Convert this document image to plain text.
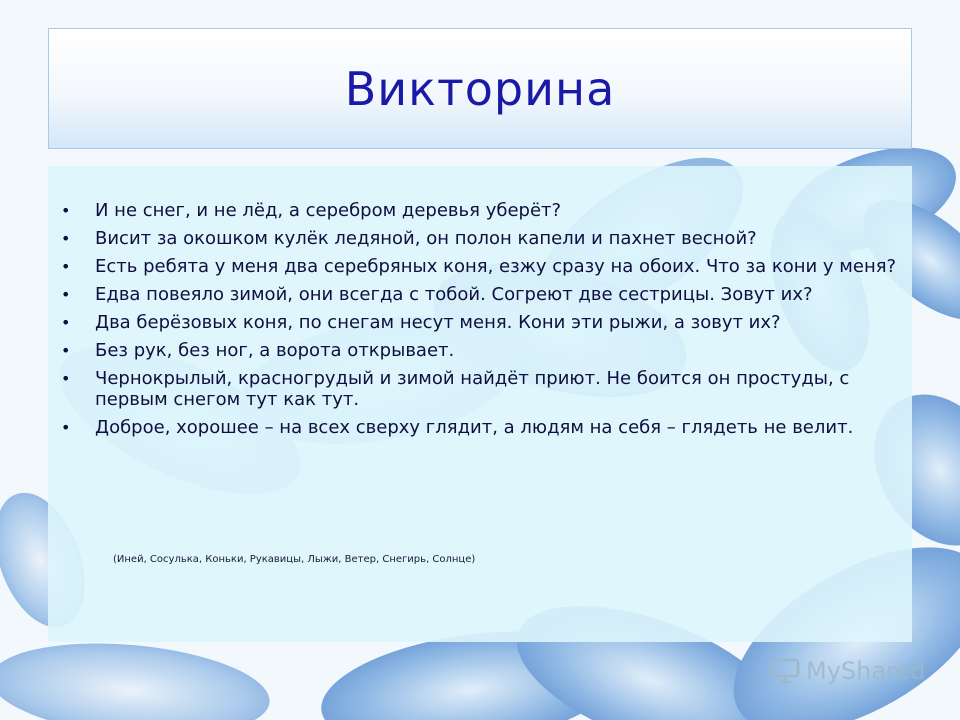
Викторина
• И не снег, и не лёд, а серебром деревья уберёт?
• Висит за окошком кулёк ледяной, он полон капели и пахнет весной?
• Есть ребята у меня два серебряных коня, езжу сразу на обоих. Что за кони у меня?
• Едва повеяло зимой, они всегда с тобой. Согреют две сестрицы. Зовут их?
• Два берёзовых коня, по снегам несут меня. Кони эти рыжи, а зовут их?
• Без рук, без ног, а ворота открывает.
• Чернокрылый, красногрудый и зимой найдёт приют. Не боится он простуды, с первым снегом тут как тут.
• Доброе, хорошее – на всех сверху глядит, а людям на себя – глядеть не велит.
(Иней, Сосулька, Коньки, Рукавицы, Лыжи, Ветер, Снегирь, Солнце)
MyShared
